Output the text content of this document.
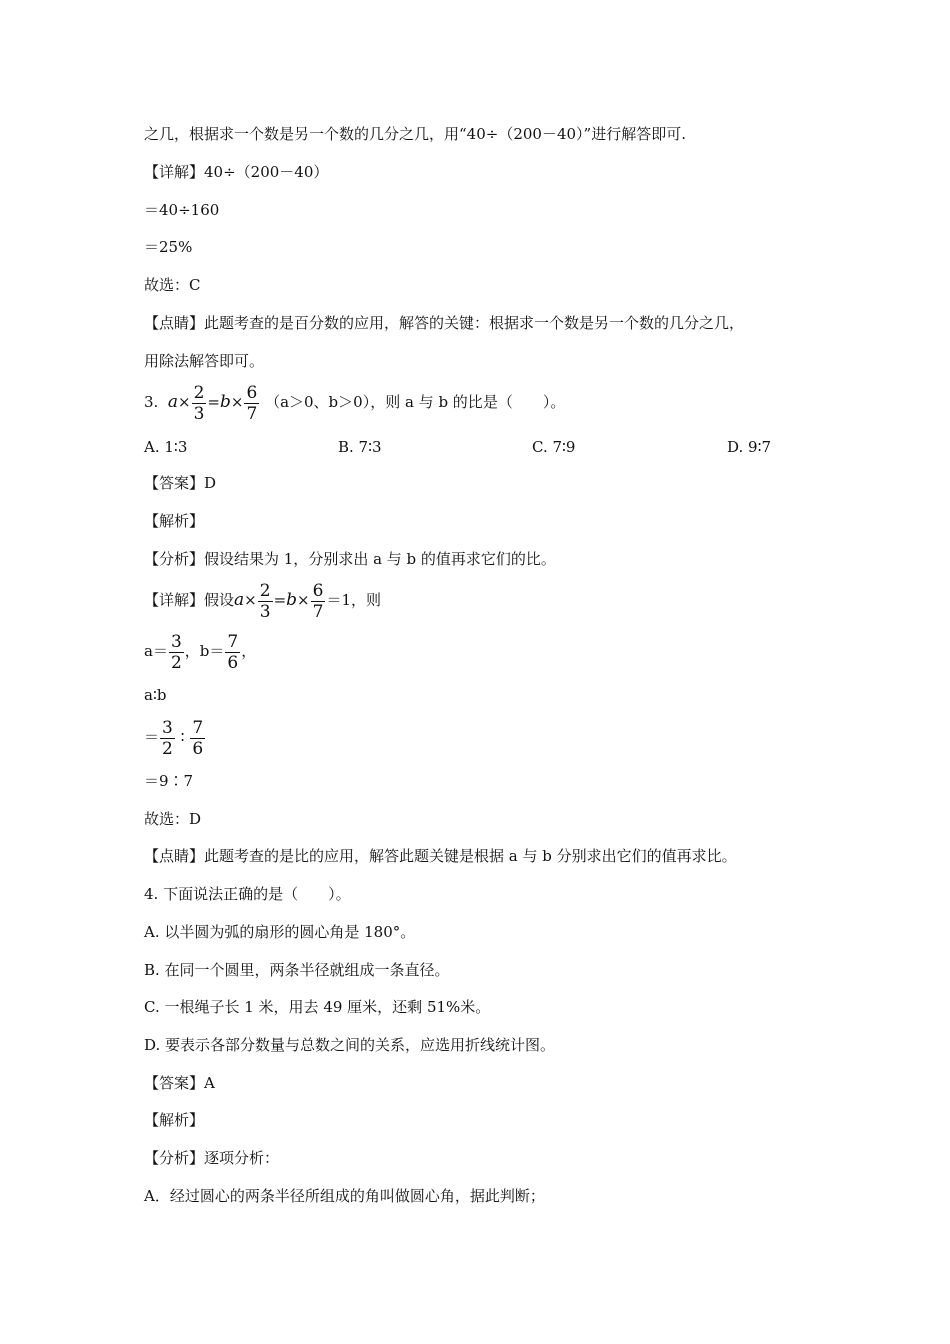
之几，根据求一个数是另一个数的几分之几，用“40÷（200－40）”进行解答即可.
【详解】40÷（200－40）
＝40÷160
＝25%
故选：C
【点睛】此题考查的是百分数的应用，解答的关键：根据求一个数是另一个数的几分之几，
用除法解答即可。
3. $a\times \frac{2}{3} =b\times \frac{6}{7} (a>0$、b＞0），则 a 与 b 的比是（　　）。
A. 1∶3	B. 7∶3	C. 7∶9	D. 9∶7
【答案】D
【解析】
【分析】假设结果为 1，分别求出 a 与 b 的值再求它们的比。
【详解】假设$a\times \frac{2}{3} =b\times \frac{6}{7} =1$，则
$a= \frac{3}{2}$ ，$b= \frac{7}{6}$ ，
a∶b
＝ $\frac{3}{2}$ ∶ $\frac{7}{6}$
＝9∶7
故选：D
【点睛】此题考查的是比的应用，解答此题关键是根据 a 与 b 分别求出它们的值再求比。
4. 下面说法正确的是（　　）。
A. 以半圆为弧的扇形的圆心角是 180°。
B. 在同一个圆里，两条半径就组成一条直径。
C. 一根绳子长 1 米，用去 49 厘米，还剩 51%米。
D. 要表示各部分数量与总数之间的关系，应选用折线统计图。
【答案】A
【解析】
【分析】逐项分析：
A．经过圆心的两条半径所组成的角叫做圆心角，据此判断；
